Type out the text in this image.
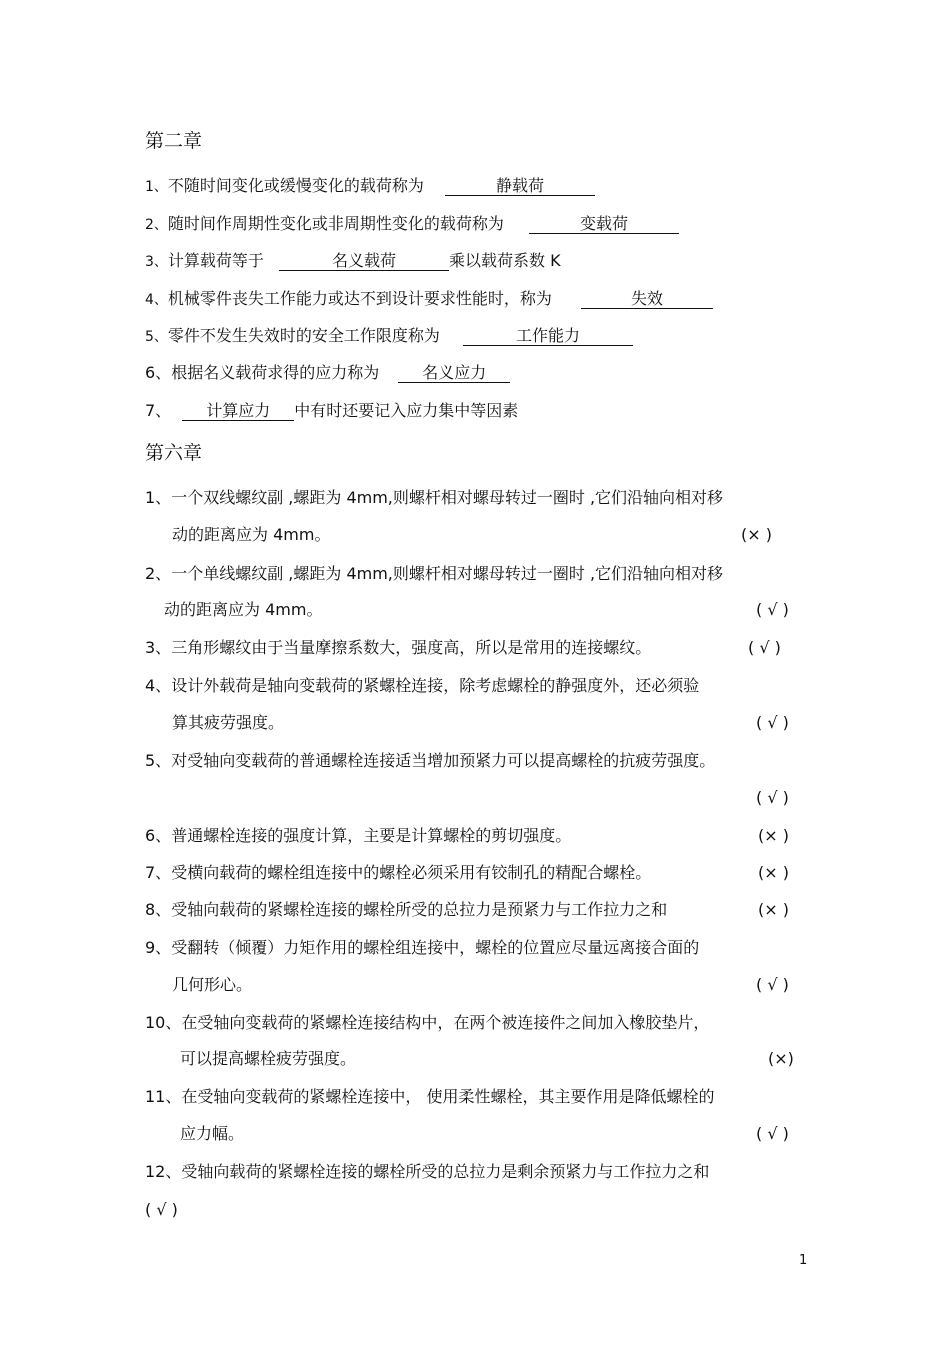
第二章
1、不随时间变化或缓慢变化的载荷称为	静载荷
2、随时间作周期性变化或非周期性变化的载荷称为	变载荷
3、计算载荷等于	名义载荷	乘以载荷系数 K
4、机械零件丧失工作能力或达不到设计要求性能时，称为	失效
5、零件不发生失效时的安全工作限度称为	工作能力
6、根据名义载荷求得的应力称为	名义应力
7、 计算应力 中有时还要记入应力集中等因素
第六章
1、一个双线螺纹副 ,螺距为 4mm,则螺杆相对螺母转过一圈时 ,它们沿轴向相对移
动的距离应为 4mm。	(× )
2、一个单线螺纹副 ,螺距为 4mm,则螺杆相对螺母转过一圈时 ,它们沿轴向相对移
动的距离应为 4mm。	( √ )
3、三角形螺纹由于当量摩擦系数大，强度高，所以是常用的连接螺纹。	( √ )
4、设计外载荷是轴向变载荷的紧螺栓连接，除考虑螺栓的静强度外，还必须验
算其疲劳强度。	( √ )
5、对受轴向变载荷的普通螺栓连接适当增加预紧力可以提高螺栓的抗疲劳强度。
( √ )
6、普通螺栓连接的强度计算，主要是计算螺栓的剪切强度。	(× )
7、受横向载荷的螺栓组连接中的螺栓必须采用有铰制孔的精配合螺栓。	(× )
8、受轴向载荷的紧螺栓连接的螺栓所受的总拉力是预紧力与工作拉力之和	(× )
9、受翻转（倾覆）力矩作用的螺栓组连接中，螺栓的位置应尽量远离接合面的
几何形心。	( √ )
10、在受轴向变载荷的紧螺栓连接结构中，在两个被连接件之间加入橡胶垫片，
可以提高螺栓疲劳强度。	(×)
11、在受轴向变载荷的紧螺栓连接中， 使用柔性螺栓，其主要作用是降低螺栓的
应力幅。	( √ )
12、受轴向载荷的紧螺栓连接的螺栓所受的总拉力是剩余预紧力与工作拉力之和
( √ )
1
